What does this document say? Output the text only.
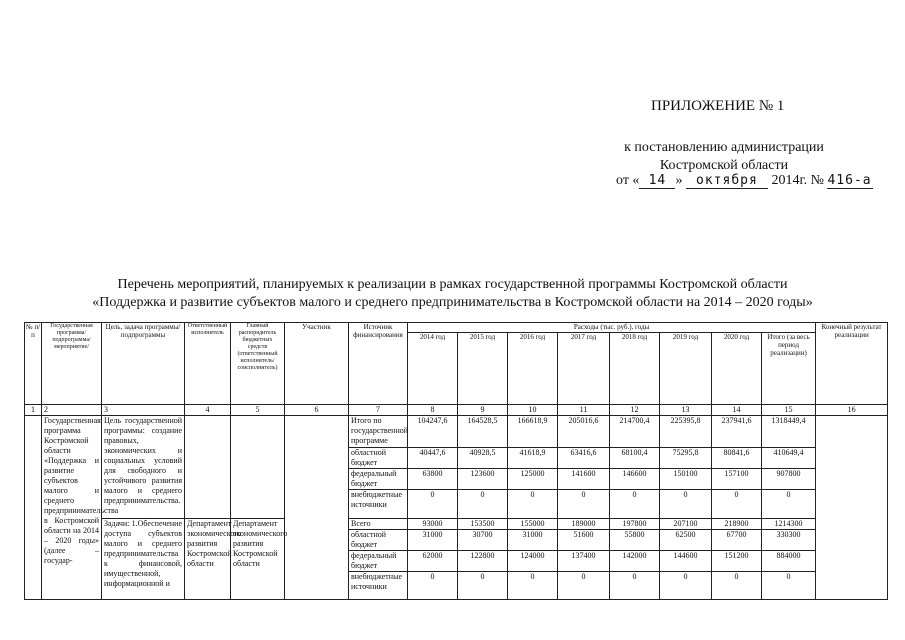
ПРИЛОЖЕНИЕ № 1
к постановлению администрации
Костромской области
от « 14 » октября 2014г. № 416-а
Перечень мероприятий, планируемых к реализации в рамках государственной программы Костромской области
«Поддержка и развитие субъектов малого и среднего предпринимательства в Костромской области на 2014 – 2020 годы»
№ п/п	Государственная программа/ подпрограмма/ мероприятие/	Цель, задача программы/ подпрограммы	Ответственный исполнитель	Главный распорядитель бюджетных средств (ответственный исполнитель/ соисполнитель)	Участник	Источник финансирования	Расходы (тыс. руб.), годы								Конечный результат реализации
							2014 год	2015 год	2016 год	2017 год	2018 год	2019 год	2020 год	Итого (за весь период реализации)	
1	2	3	4	5	6	7	8	9	10	11	12	13	14	15	16
	Государственная программа Костромской области «Поддержка и развитие субъектов малого и среднего предпринимательства в Костромской области на 2014 – 2020 годы» (далее – государ-	Цель государственной программы: создание правовых, экономических и социальных условий для свободного и устойчивого развития малого и среднего предпринимательства.				Итого по государственной программе	104247,6	164528,5	166618,9	205016,6	214700,4	225395,8	237941,6	1318449,4	
						областной бюджет	40447,6	40928,5	41618,9	63416,6	68100,4	75295,8	80841,6	410649,4	
						федеральный бюджет	63800	123600	125000	141600	146600	150100	157100	907800	
						внебюджетные источники	0	0	0	0	0	0	0	0	
		Задачи: 1.Обеспечение доступа субъектов малого и среднего предпринимательства к финансовой, имущественной, информационной и	Департамент экономического развития Костромской области	Департамент экономического развития Костромской области		Всего	93000	153500	155000	189000	197800	207100	218900	1214300	
						областной бюджет	31000	30700	31000	51600	55800	62500	67700	330300	
						федеральный бюджет	62000	122800	124000	137400	142000	144600	151200	884000	
						внебюджетные источники	0	0	0	0	0	0	0	0	
